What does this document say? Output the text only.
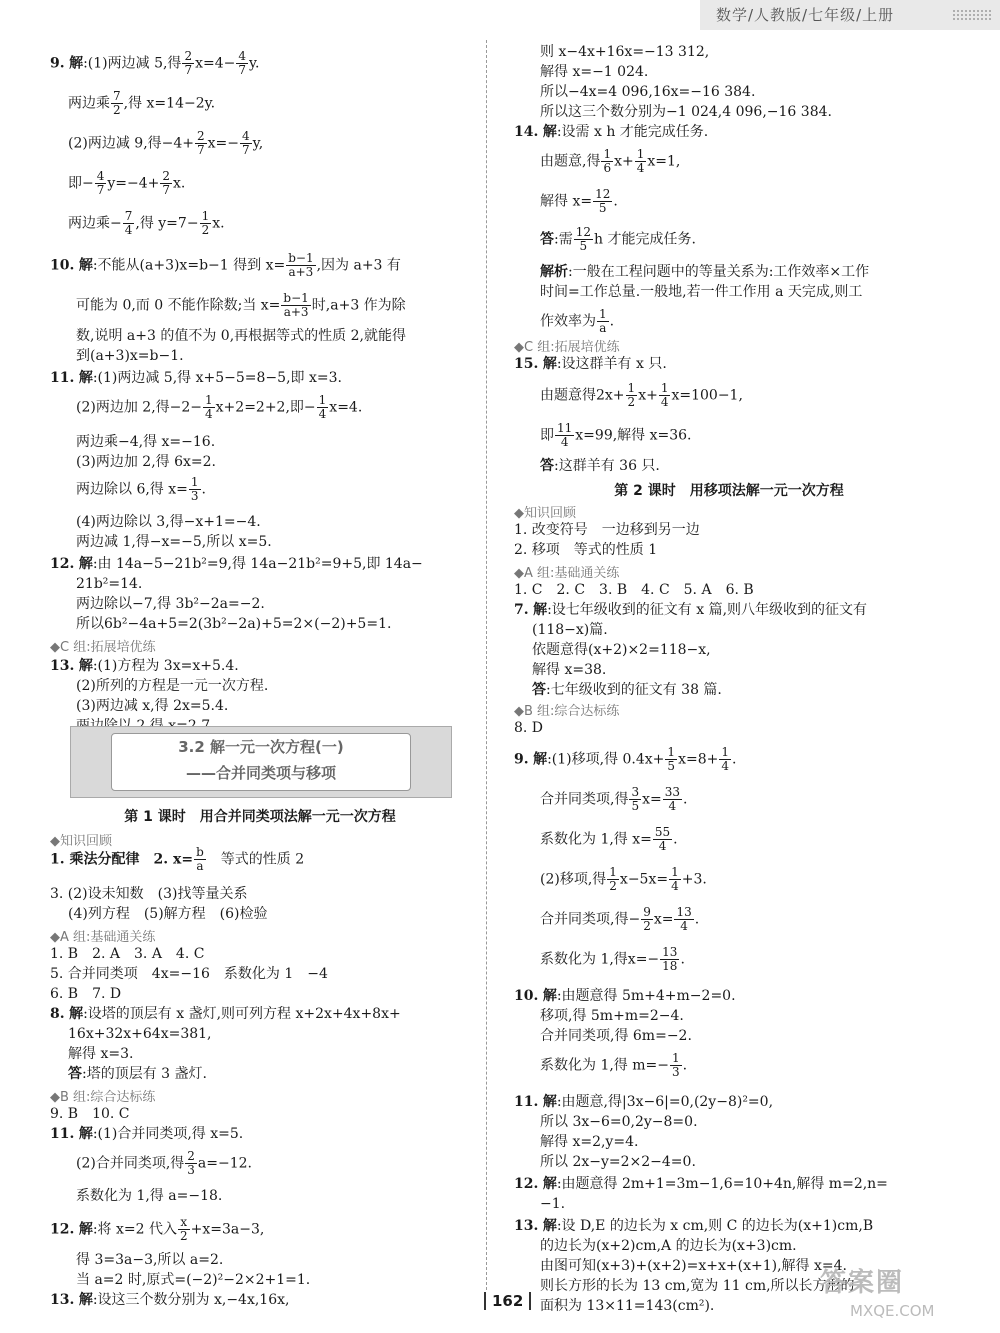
数学/人教版/七年级/上册
9. 解:(1)两边减 5,得 $\frac{2}{7} x=4- \frac{4}{7} y$.
两边乘 $\frac{7}{2}$ ,得 x=14−2y.
(2)两边减 9,得$-4+ \frac{2}{7} x=- \frac{4}{7} y$,
即− $\frac{4}{7} y=-4+ \frac{2}{7} x$.
两边乘− $\frac{7}{4}$ ,得 $y=7- \frac{1}{2} x$.
10. 解:不能从(a+3)x=b−1 得到 $x= \frac{b-1}{a+3}$ ,因为 a+3 有
可能为 0,而 0 不能作除数;当 $x= \frac{b-1}{a+3}$ 时,a+3 作为除
数,说明 a+3 的值不为 0,再根据等式的性质 2,就能得
到(a+3)x=b−1.
11. 解:(1)两边减 5,得 x+5−5=8−5,即 x=3.
(2)两边加 2,得$-2- \frac{1}{4} x+2=2+2$,即− $\frac{1}{4} x=4$.
两边乘−4,得 x=−16.
(3)两边加 2,得 6x=2.
两边除以 6,得 $x= \frac{1}{3}$ .
(4)两边除以 3,得−x+1=−4.
两边减 1,得−x=−5,所以 x=5.
12. 解:由 14a−5−21b²=9,得 14a−21b²=9+5,即 14a−
21b²=14.
两边除以−7,得 3b²−2a=−2.
所以6b²−4a+5=2(3b²−2a)+5=2×(−2)+5=1.
◆C 组:拓展培优练
13. 解:(1)方程为 3x=x+5.4.
(2)所列的方程是一元一次方程.
(3)两边减 x,得 2x=5.4.
3.2 解一元一次方程(一)
——合并同类项与移项
第 1 课时　用合并同类项法解一元一次方程
◆知识回顾
1. 乘法分配律　2. $x= \frac{b}{a}$ 　等式的性质 2
3. (2)设未知数　(3)找等量关系
(4)列方程　(5)解方程　(6)检验
◆A 组:基础通关练
1. B　2. A　3. A　4. C
5. 合并同类项　4x=−16　系数化为 1　−4
6. B　7. D
8. 解:设塔的顶层有 x 盏灯,则可列方程 x+2x+4x+8x+
16x+32x+64x=381,
解得 x=3.
答:塔的顶层有 3 盏灯.
◆B 组:综合达标练
9. B　10. C
11. 解:(1)合并同类项,得 x=5.
(2)合并同类项,得 $\frac{2}{3} a=-12$.
系数化为 1,得 a=−18.
12. 解:将 x=2 代入 $\frac{x}{2} +x=3a-3$,
得 3=3a−3,所以 a=2.
当 a=2 时,原式=(−2)²−2×2+1=1.
13. 解:设这三个数分别为 x,−4x,16x,
则 x−4x+16x=−13 312,
解得 x=−1 024.
所以−4x=4 096,16x=−16 384.
所以这三个数分别为−1 024,4 096,−16 384.
14. 解:设需 x h 才能完成任务.
由题意,得 $\frac{1}{6} x+ \frac{1}{4} x=1$,
解得 $x= \frac{12}{5}$ .
答:需 $\frac{12}{5}$ h 才能完成任务.
解析:一般在工程问题中的等量关系为:工作效率×工作
时间=工作总量.一般地,若一件工作用 a 天完成,则工
作效率为 $\frac{1}{a}$ .
◆C 组:拓展培优练
15. 解:设这群羊有 x 只.
由题意得$2x+ \frac{1}{2} x+ \frac{1}{4} x=100-1$,
即 $\frac{11}{4} x=99$,解得 x=36.
答:这群羊有 36 只.
第 2 课时　用移项法解一元一次方程
◆知识回顾
1. 改变符号　一边移到另一边
2. 移项　等式的性质 1
◆A 组:基础通关练
1. C　2. C　3. B　4. C　5. A　6. B
7. 解:设七年级收到的征文有 x 篇,则八年级收到的征文有
(118−x)篇.
依题意得(x+2)×2=118−x,
解得 x=38.
答:七年级收到的征文有 38 篇.
◆B 组:综合达标练
8. D
9. 解:(1)移项,得 $0.4x+ \frac{1}{5} x=8+ \frac{1}{4}$ .
合并同类项,得 $\frac{3}{5} x= \frac{33}{4}$ .
系数化为 1,得 $x= \frac{55}{4}$ .
(2)移项,得 $\frac{1}{2} x-5x= \frac{1}{4} +3$.
合并同类项,得− $\frac{9}{2} x= \frac{13}{4}$ .
系数化为 1,得$x=- \frac{13}{18}$ .
10. 解:由题意得 5m+4+m−2=0.
移项,得 5m+m=2−4.
合并同类项,得 6m=−2.
系数化为 1,得 $m=- \frac{1}{3}$ .
11. 解:由题意,得|3x−6|=0,(2y−8)²=0,
所以 3x−6=0,2y−8=0.
解得 x=2,y=4.
所以 2x−y=2×2−4=0.
12. 解:由题意得 2m+1=3m−1,6=10+4n,解得 m=2,n=
−1.
13. 解:设 D,E 的边长为 x cm,则 C 的边长为(x+1)cm,B
的边长为(x+2)cm,A 的边长为(x+3)cm.
由图可知(x+3)+(x+2)=x+x+(x+1),解得 x=4.
则长方形的长为 13 cm,宽为 11 cm,所以长方形的
面积为 13×11=143(cm²).
162
答案圈
MXQE.COM
